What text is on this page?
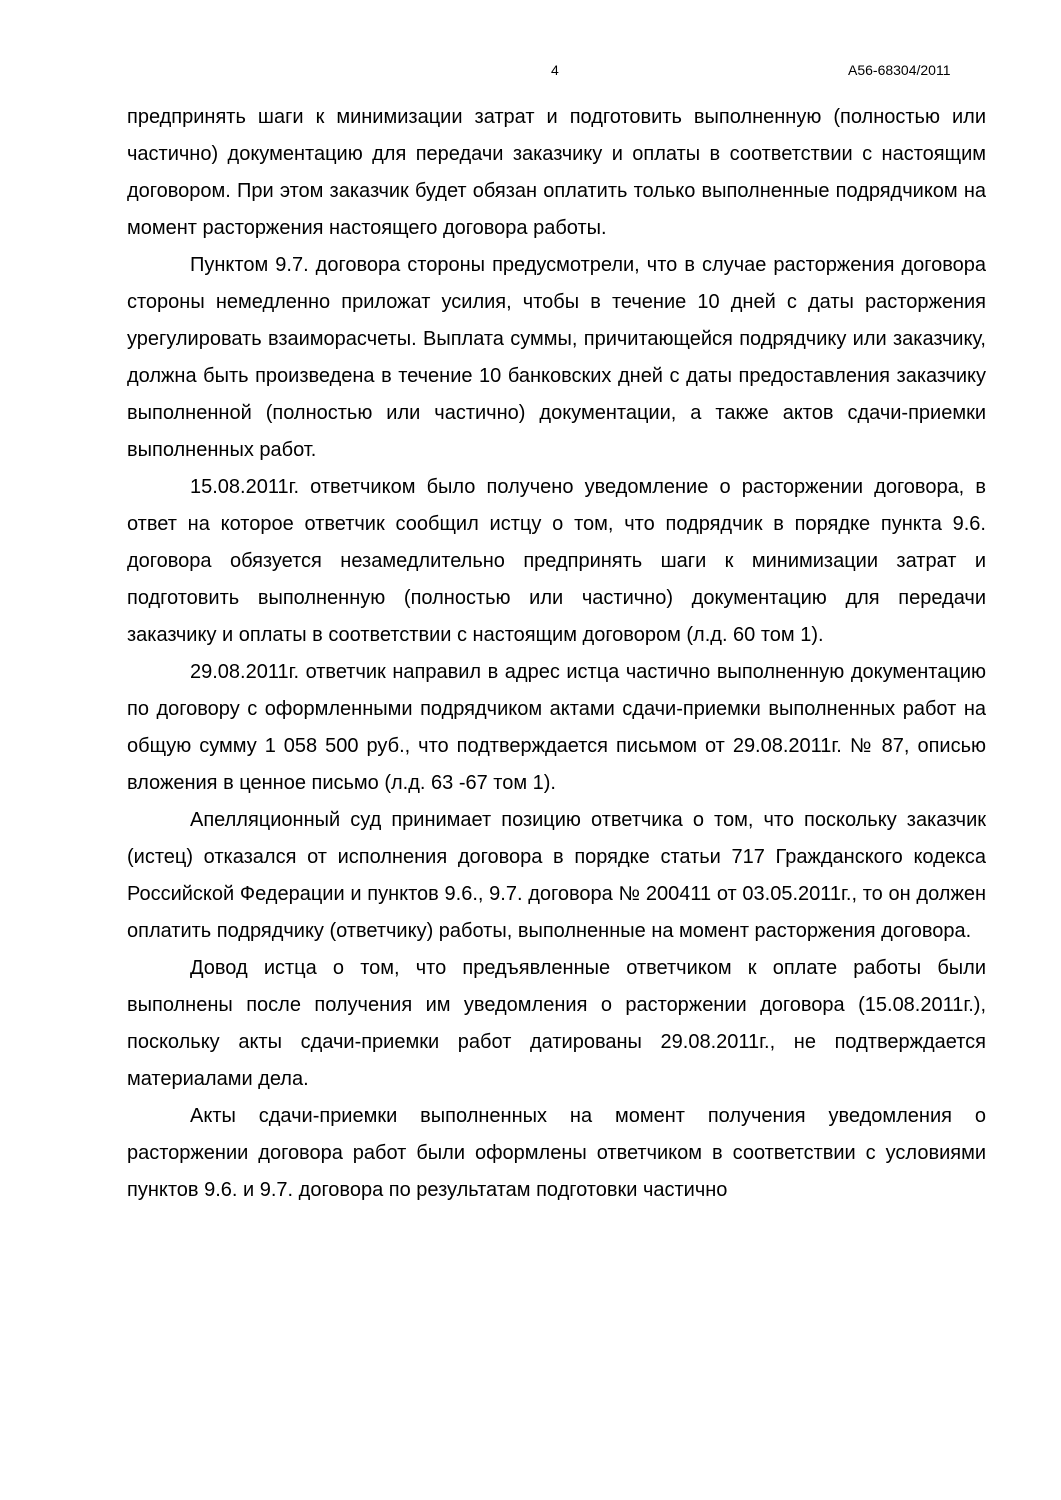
4	А56-68304/2011

предпринять шаги к минимизации затрат и подготовить выполненную (полностью или частично) документацию для передачи заказчику и оплаты в соответствии с настоящим договором. При этом заказчик будет обязан оплатить только выполненные подрядчиком на момент расторжения настоящего договора работы.

Пунктом 9.7. договора стороны предусмотрели, что в случае расторжения договора стороны немедленно приложат усилия, чтобы в течение 10 дней с даты расторжения урегулировать взаиморасчеты. Выплата суммы, причитающейся подрядчику или заказчику, должна быть произведена в течение 10 банковских дней с даты предоставления заказчику выполненной (полностью или частично) документации, а также актов сдачи-приемки выполненных работ.

15.08.2011г. ответчиком было получено уведомление о расторжении договора, в ответ на которое ответчик сообщил истцу о том, что подрядчик в порядке пункта 9.6. договора обязуется незамедлительно предпринять шаги к минимизации затрат и подготовить выполненную (полностью или частично) документацию для передачи заказчику и оплаты в соответствии с настоящим договором (л.д. 60 том 1).

29.08.2011г. ответчик направил в адрес истца частично выполненную документацию по договору с оформленными подрядчиком актами сдачи-приемки выполненных работ на общую сумму 1 058 500 руб., что подтверждается письмом от 29.08.2011г. № 87, описью вложения в ценное письмо (л.д. 63 -67 том 1).

Апелляционный суд принимает позицию ответчика о том, что поскольку заказчик (истец) отказался от исполнения договора в порядке статьи 717 Гражданского кодекса Российской Федерации и пунктов 9.6., 9.7. договора № 200411 от 03.05.2011г., то он должен оплатить подрядчику (ответчику) работы, выполненные на момент расторжения договора.

Довод истца о том, что предъявленные ответчиком к оплате работы были выполнены после получения им уведомления о расторжении договора (15.08.2011г.), поскольку акты сдачи-приемки работ датированы 29.08.2011г., не подтверждается материалами дела.

Акты сдачи-приемки выполненных на момент получения уведомления о расторжении договора работ были оформлены ответчиком в соответствии с условиями пунктов 9.6. и 9.7. договора по результатам подготовки частично
